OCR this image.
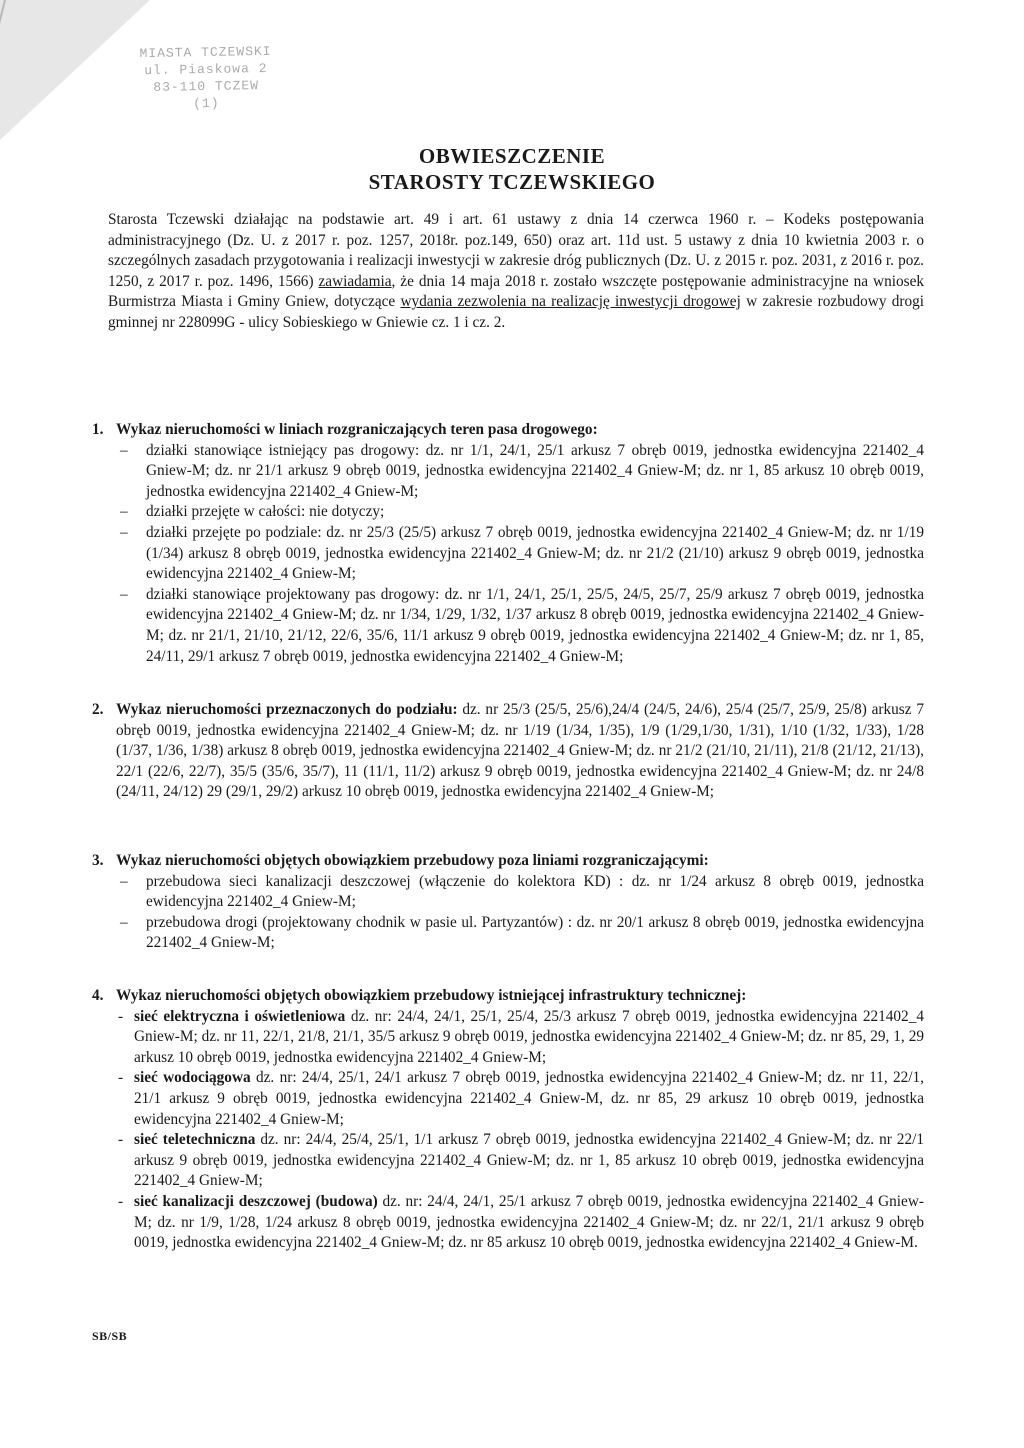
MIASTA TCZEWSKI
ul. Piaskowa 2
83-110 TCZEW
(1)
OBWIESZCZENIE
STAROSTY TCZEWSKIEGO
Starosta Tczewski działając na podstawie art. 49 i art. 61 ustawy z dnia 14 czerwca 1960 r. – Kodeks postępowania administracyjnego (Dz. U. z 2017 r. poz. 1257, 2018r. poz.149, 650) oraz art. 11d ust. 5 ustawy z dnia 10 kwietnia 2003 r. o szczególnych zasadach przygotowania i realizacji inwestycji w zakresie dróg publicznych (Dz. U. z 2015 r. poz. 2031, z 2016 r. poz. 1250, z 2017 r. poz. 1496, 1566) zawiadamia, że dnia 14 maja 2018 r. zostało wszczęte postępowanie administracyjne na wniosek Burmistrza Miasta i Gminy Gniew, dotyczące wydania zezwolenia na realizację inwestycji drogowej w zakresie rozbudowy drogi gminnej nr 228099G - ulicy Sobieskiego w Gniewie cz. 1 i cz. 2.
1. Wykaz nieruchomości w liniach rozgraniczających teren pasa drogowego:
– działki stanowiące istniejący pas drogowy: dz. nr 1/1, 24/1, 25/1 arkusz 7 obręb 0019, jednostka ewidencyjna 221402_4 Gniew-M; dz. nr 21/1 arkusz 9 obręb 0019, jednostka ewidencyjna 221402_4 Gniew-M; dz. nr 1, 85 arkusz 10 obręb 0019, jednostka ewidencyjna 221402_4 Gniew-M;
– działki przejęte w całości: nie dotyczy;
– działki przejęte po podziale: dz. nr 25/3 (25/5) arkusz 7 obręb 0019, jednostka ewidencyjna 221402_4 Gniew-M; dz. nr 1/19 (1/34) arkusz 8 obręb 0019, jednostka ewidencyjna 221402_4 Gniew-M; dz. nr 21/2 (21/10) arkusz 9 obręb 0019, jednostka ewidencyjna 221402_4 Gniew-M;
– działki stanowiące projektowany pas drogowy: dz. nr 1/1, 24/1, 25/1, 25/5, 24/5, 25/7, 25/9 arkusz 7 obręb 0019, jednostka ewidencyjna 221402_4 Gniew-M; dz. nr 1/34, 1/29, 1/32, 1/37 arkusz 8 obręb 0019, jednostka ewidencyjna 221402_4 Gniew-M; dz. nr 21/1, 21/10, 21/12, 22/6, 35/6, 11/1 arkusz 9 obręb 0019, jednostka ewidencyjna 221402_4 Gniew-M; dz. nr 1, 85, 24/11, 29/1 arkusz 7 obręb 0019, jednostka ewidencyjna 221402_4 Gniew-M;
2. Wykaz nieruchomości przeznaczonych do podziału: dz. nr 25/3 (25/5, 25/6),24/4 (24/5, 24/6), 25/4 (25/7, 25/9, 25/8) arkusz 7 obręb 0019, jednostka ewidencyjna 221402_4 Gniew-M; dz. nr 1/19 (1/34, 1/35), 1/9 (1/29,1/30, 1/31), 1/10 (1/32, 1/33), 1/28 (1/37, 1/36, 1/38) arkusz 8 obręb 0019, jednostka ewidencyjna 221402_4 Gniew-M; dz. nr 21/2 (21/10, 21/11), 21/8 (21/12, 21/13), 22/1 (22/6, 22/7), 35/5 (35/6, 35/7), 11 (11/1, 11/2) arkusz 9 obręb 0019, jednostka ewidencyjna 221402_4 Gniew-M; dz. nr 24/8 (24/11, 24/12) 29 (29/1, 29/2) arkusz 10 obręb 0019, jednostka ewidencyjna 221402_4 Gniew-M;
3. Wykaz nieruchomości objętych obowiązkiem przebudowy poza liniami rozgraniczającymi:
– przebudowa sieci kanalizacji deszczowej (włączenie do kolektora KD) : dz. nr 1/24 arkusz 8 obręb 0019, jednostka ewidencyjna 221402_4 Gniew-M;
– przebudowa drogi (projektowany chodnik w pasie ul. Partyzantów) : dz. nr 20/1 arkusz 8 obręb 0019, jednostka ewidencyjna 221402_4 Gniew-M;
4. Wykaz nieruchomości objętych obowiązkiem przebudowy istniejącej infrastruktury technicznej:
- sieć elektryczna i oświetleniowa dz. nr: 24/4, 24/1, 25/1, 25/4, 25/3 arkusz 7 obręb 0019, jednostka ewidencyjna 221402_4 Gniew-M; dz. nr 11, 22/1, 21/8, 21/1, 35/5 arkusz 9 obręb 0019, jednostka ewidencyjna 221402_4 Gniew-M; dz. nr 85, 29, 1, 29 arkusz 10 obręb 0019, jednostka ewidencyjna 221402_4 Gniew-M;
- sieć wodociągowa dz. nr: 24/4, 25/1, 24/1 arkusz 7 obręb 0019, jednostka ewidencyjna 221402_4 Gniew-M; dz. nr 11, 22/1, 21/1 arkusz 9 obręb 0019, jednostka ewidencyjna 221402_4 Gniew-M, dz. nr 85, 29 arkusz 10 obręb 0019, jednostka ewidencyjna 221402_4 Gniew-M;
- sieć teletechniczna dz. nr: 24/4, 25/4, 25/1, 1/1 arkusz 7 obręb 0019, jednostka ewidencyjna 221402_4 Gniew-M; dz. nr 22/1 arkusz 9 obręb 0019, jednostka ewidencyjna 221402_4 Gniew-M; dz. nr 1, 85 arkusz 10 obręb 0019, jednostka ewidencyjna 221402_4 Gniew-M;
- sieć kanalizacji deszczowej (budowa) dz. nr: 24/4, 24/1, 25/1 arkusz 7 obręb 0019, jednostka ewidencyjna 221402_4 Gniew-M; dz. nr 1/9, 1/28, 1/24 arkusz 8 obręb 0019, jednostka ewidencyjna 221402_4 Gniew-M; dz. nr 22/1, 21/1 arkusz 9 obręb 0019, jednostka ewidencyjna 221402_4 Gniew-M; dz. nr 85 arkusz 10 obręb 0019, jednostka ewidencyjna 221402_4 Gniew-M.
SB/SB
